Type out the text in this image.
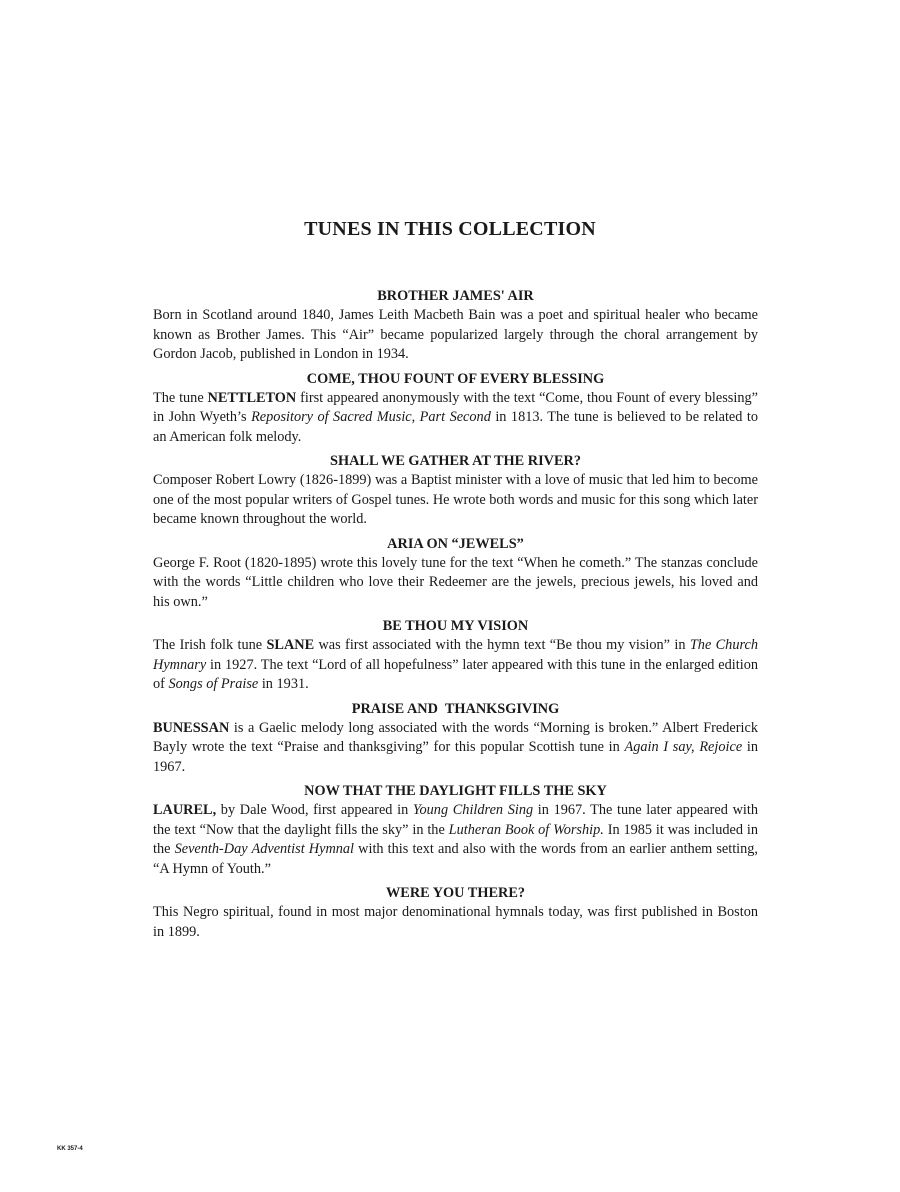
TUNES IN THIS COLLECTION
BROTHER JAMES' AIR

Born in Scotland around 1840, James Leith Macbeth Bain was a poet and spiritual healer who became known as Brother James. This “Air” became popularized largely through the choral arrangement by Gordon Jacob, published in London in 1934.

COME, THOU FOUNT OF EVERY BLESSING

The tune NETTLETON first appeared anonymously with the text “Come, thou Fount of every blessing” in John Wyeth’s Repository of Sacred Music, Part Second in 1813. The tune is believed to be related to an American folk melody.

SHALL WE GATHER AT THE RIVER?

Composer Robert Lowry (1826-1899) was a Baptist minister with a love of music that led him to become one of the most popular writers of Gospel tunes. He wrote both words and music for this song which later became known throughout the world.

ARIA ON “JEWELS”

George F. Root (1820-1895) wrote this lovely tune for the text “When he cometh.” The stanzas conclude with the words “Little children who love their Redeemer are the jewels, precious jewels, his loved and his own.”

BE THOU MY VISION

The Irish folk tune SLANE was first associated with the hymn text “Be thou my vision” in The Church Hymnary in 1927. The text “Lord of all hopefulness” later appeared with this tune in the enlarged edition of Songs of Praise in 1931.

PRAISE AND  THANKSGIVING

BUNESSAN is a Gaelic melody long associated with the words “Morning is broken.” Albert Frederick Bayly wrote the text “Praise and thanksgiving” for this popular Scottish tune in Again I say, Rejoice in 1967.

NOW THAT THE DAYLIGHT FILLS THE SKY

LAUREL, by Dale Wood, first appeared in Young Children Sing in 1967. The tune later appeared with the text “Now that the daylight fills the sky” in the Lutheran Book of Worship. In 1985 it was included in the Seventh-Day Adventist Hymnal with this text and also with the words from an earlier anthem setting, “A Hymn of Youth.”

WERE YOU THERE?

This Negro spiritual, found in most major denominational hymnals today, was first published in Boston in 1899.

KK 357-4
